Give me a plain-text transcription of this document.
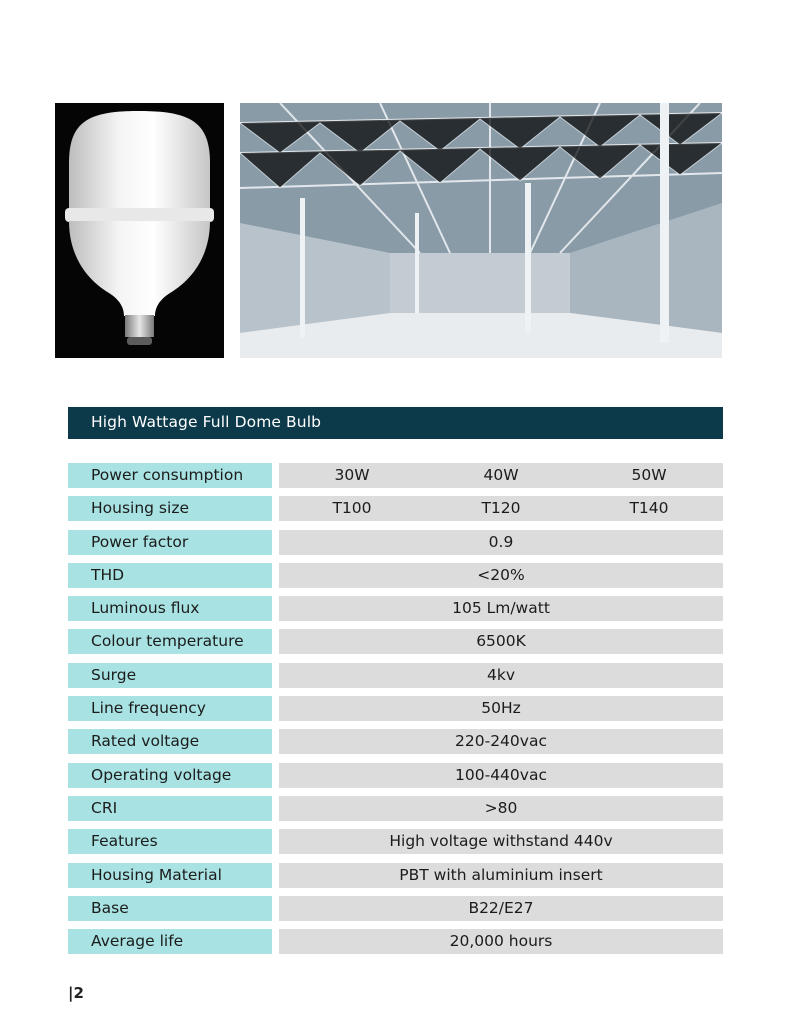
High Wattage Full Dome Bulb
Power consumption	30W	40W	50W
Housing size	T100	T120	T140
Power factor	0.9
THD	<20%
Luminous flux	105 Lm/watt
Colour temperature	6500K
Surge	4kv
Line frequency	50Hz
Rated voltage	220-240vac
Operating voltage	100-440vac
CRI	>80
Features	High voltage withstand 440v
Housing Material	PBT with aluminium insert
Base	B22/E27
Average life	20,000 hours
|2
